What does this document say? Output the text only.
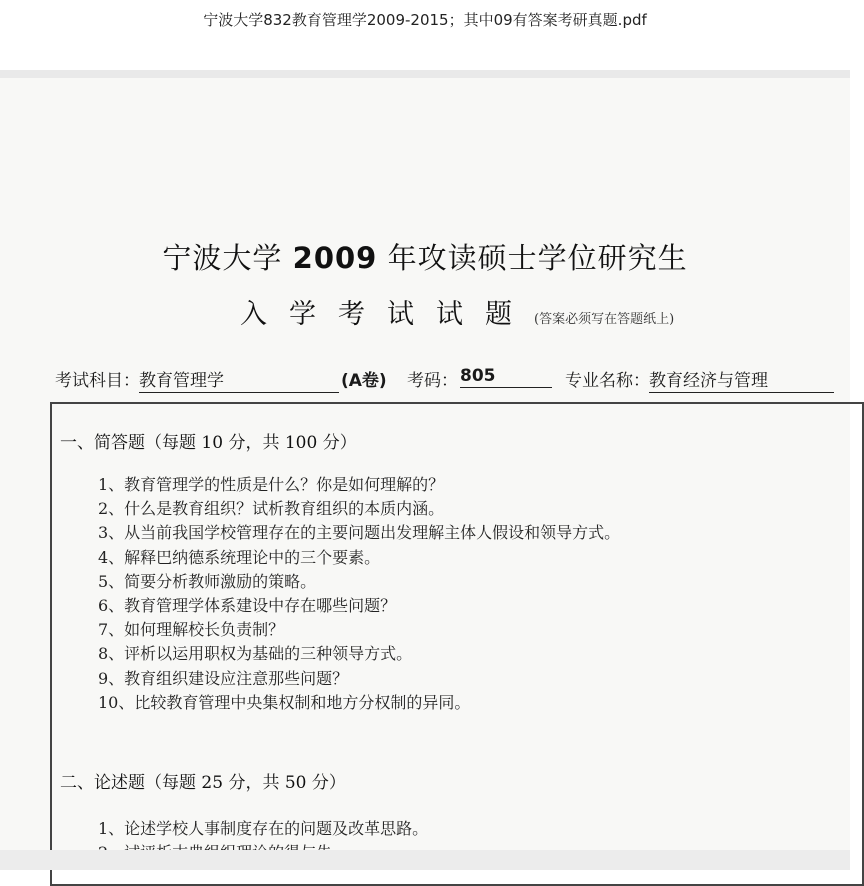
宁波大学832教育管理学2009-2015；其中09有答案考研真题.pdf
宁波大学 2009 年攻读硕士学位研究生
入学考试试题(答案必须写在答题纸上)
考试科目： 教育管理学	(A卷) 考码： 805	专业名称： 教育经济与管理
一、简答题（每题 10 分，共 100 分）
1、教育管理学的性质是什么？你是如何理解的？
2、什么是教育组织？试析教育组织的本质内涵。
3、从当前我国学校管理存在的主要问题出发理解主体人假设和领导方式。
4、解释巴纳德系统理论中的三个要素。
5、简要分析教师激励的策略。
6、教育管理学体系建设中存在哪些问题？
7、如何理解校长负责制？
8、评析以运用职权为基础的三种领导方式。
9、教育组织建设应注意那些问题？
10、比较教育管理中央集权制和地方分权制的异同。
二、论述题（每题 25 分，共 50 分）
1、论述学校人事制度存在的问题及改革思路。
